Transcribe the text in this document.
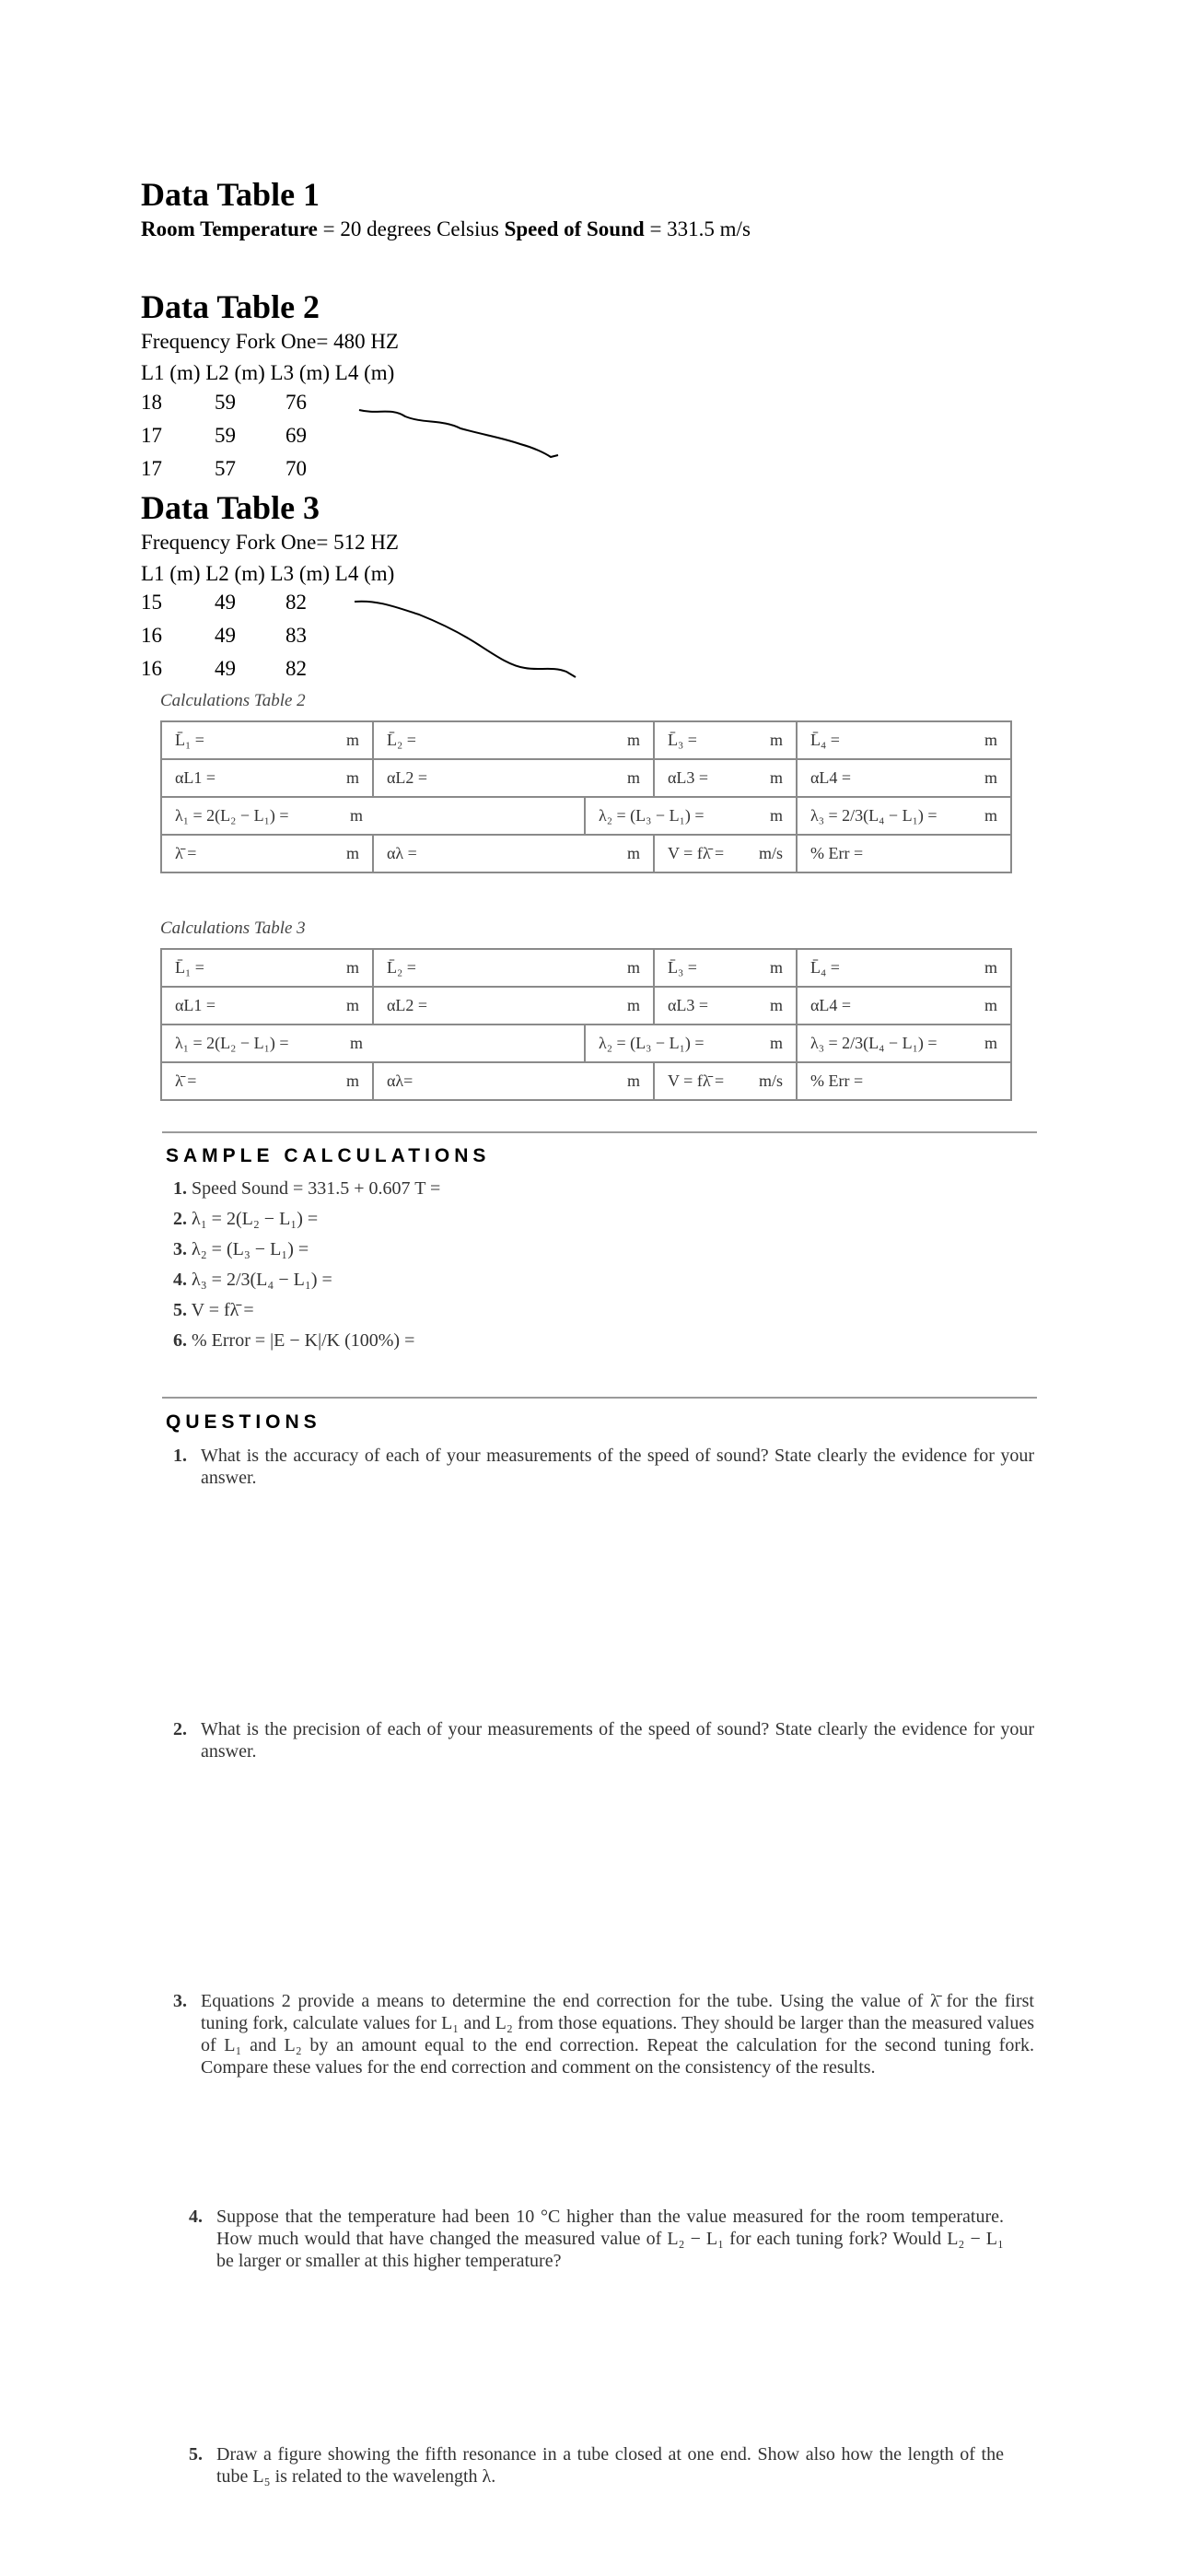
Data Table 1
Room Temperature = 20 degrees Celsius Speed of Sound = 331.5 m/s
Data Table 2
Frequency Fork One= 480 HZ
L1 (m) L2 (m) L3 (m) L4 (m)
18 59 76
17 59 69
17 57 70
Data Table 3
Frequency Fork One= 512 HZ
L1 (m) L2 (m) L3 (m) L4 (m)
15 49 82
16 49 83
16 49 82
Calculations Table 2
L̄₁ = m	L̄₂ = m		L̄₃ = m	L̄₄ = m

αL1 = m	αL2 = m		αL3 = m	αL4 = m

λ₁ = 2(L₂ − L₁) = m		λ₂ = (L₃ − L₁) = m		λ₃ = 2/3(L₄ − L₁) = m

λ̄ = m	αλ = m		V = fλ̄ = m/s	% Err =
Calculations Table 3
L̄₁ = m	L̄₂ = m		L̄₃ = m	L̄₄ = m

αL1 = m	αL2 = m		αL3 = m	αL4 = m

λ₁ = 2(L₂ − L₁) = m		λ₂ = (L₃ − L₁) = m		λ₃ = 2/3(L₄ − L₁) = m

λ̄ = m	αλ= m		V = fλ̄ = m/s	% Err =
SAMPLE CALCULATIONS
1. Speed Sound = 331.5 + 0.607 T =
2. λ₁ = 2(L₂ − L₁) =
3. λ₂ = (L₃ − L₁) =
4. λ₃ = 2/3(L₄ − L₁) =
5. V = fλ̄ =
6. % Error = |E − K|/K (100%) =
QUESTIONS
1. What is the accuracy of each of your measurements of the speed of sound? State clearly the evidence for your answer.
2. What is the precision of each of your measurements of the speed of sound? State clearly the evidence for your answer.
3. Equations 2 provide a means to determine the end correction for the tube. Using the value of λ̄ for the first tuning fork, calculate values for L₁ and L₂ from those equations. They should be larger than the measured values of L₁ and L₂ by an amount equal to the end correction. Repeat the calculation for the second tuning fork. Compare these values for the end correction and comment on the consistency of the results.
4. Suppose that the temperature had been 10 °C higher than the value measured for the room temperature. How much would that have changed the measured value of L₂ − L₁ for each tuning fork? Would L₂ − L₁ be larger or smaller at this higher temperature?
5. Draw a figure showing the fifth resonance in a tube closed at one end. Show also how the length of the tube L₅ is related to the wavelength λ.
